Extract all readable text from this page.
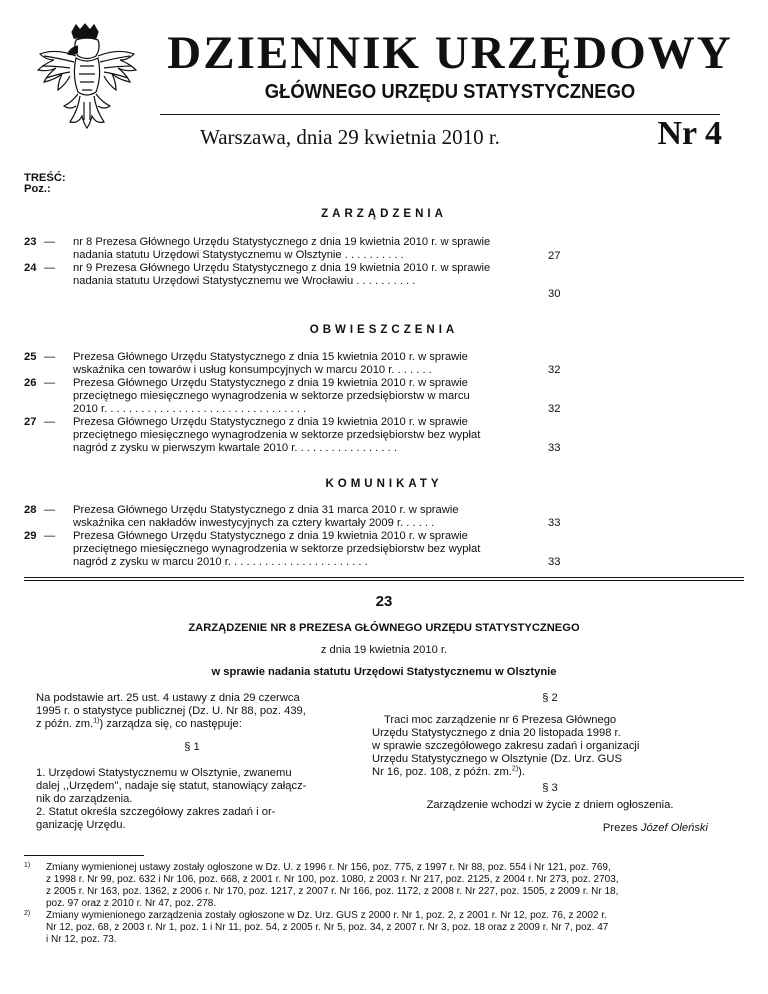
DZIENNIK URZĘDOWY
GŁÓWNEGO URZĘDU STATYSTYCZNEGO
Warszawa, dnia 29 kwietnia 2010 r.	Nr 4
TREŚĆ:
Poz.:
ZARZĄDZENIA
23 — nr 8 Prezesa Głównego Urzędu Statystycznego z dnia 19 kwietnia 2010 r. w sprawie
nadania statutu Urzędowi Statystycznemu w Olsztynie . . . . . . . . . .	27
24 — nr 9 Prezesa Głównego Urzędu Statystycznego z dnia 19 kwietnia 2010 r. w sprawie
nadania statutu Urzędowi Statystycznemu we Wrocławiu . . . . . . . . . .
30
OBWIESZCZENIA
25 — Prezesa Głównego Urzędu Statystycznego z dnia 15 kwietnia 2010 r. w sprawie
wskaźnika cen towarów i usług konsumpcyjnych w marcu 2010 r. . . . . . .	32
26 — Prezesa Głównego Urzędu Statystycznego z dnia 19 kwietnia 2010 r. w sprawie
przeciętnego miesięcznego wynagrodzenia w sektorze przedsiębiorstw w marcu
2010 r. . . . . . . . . . . . . . . . . . . . . . . . . . . . . . . . .	32
27 — Prezesa Głównego Urzędu Statystycznego z dnia 19 kwietnia 2010 r. w sprawie
przeciętnego miesięcznego wynagrodzenia w sektorze przedsiębiorstw bez wypłat
nagród z zysku w pierwszym kwartale 2010 r. . . . . . . . . . . . . . . . .	33
KOMUNIKATY
28 — Prezesa Głównego Urzędu Statystycznego z dnia 31 marca 2010 r. w sprawie
wskaźnika cen nakładów inwestycyjnych za cztery kwartały 2009 r. . . . . .	33
29 — Prezesa Głównego Urzędu Statystycznego z dnia 19 kwietnia 2010 r. w sprawie
przeciętnego miesięcznego wynagrodzenia w sektorze przedsiębiorstw bez wypłat
nagród z zysku w marcu 2010 r. . . . . . . . . . . . . . . . . . . . . . .	33
23
ZARZĄDZENIE NR 8 PREZESA GŁÓWNEGO URZĘDU STATYSTYCZNEGO
z dnia 19 kwietnia 2010 r.
w sprawie nadania statutu Urzędowi Statystycznemu w Olsztynie
Na podstawie art. 25 ust. 4 ustawy z dnia 29 czerwca
1995 r. o statystyce publicznej (Dz. U. Nr 88, poz. 439,
z późn. zm.$^{1)}$) zarządza się, co następuje:
§ 1
1. Urzędowi Statystycznemu w Olsztynie, zwanemu
dalej ,,Urzędem'', nadaje się statut, stanowiący załącz-
nik do zarządzenia.
2. Statut określa szczegółowy zakres zadań i or-
ganizację Urzędu.
§ 2
Traci moc zarządzenie nr 6 Prezesa Głównego
Urzędu Statystycznego z dnia 20 listopada 1998 r.
w sprawie szczegółowego zakresu zadań i organizacji
Urzędu Statystycznego w Olsztynie (Dz. Urz. GUS
Nr 16, poz. 108, z późn. zm.$^{2)}$).
§ 3
Zarządzenie wchodzi w życie z dniem ogłoszenia.
Prezes Józef Oleński
1) Zmiany wymienionej ustawy zostały ogłoszone w Dz. U. z 1996 r. Nr 156, poz. 775, z 1997 r. Nr 88, poz. 554 i Nr 121, poz. 769,
z 1998 r. Nr 99, poz. 632 i Nr 106, poz. 668, z 2001 r. Nr 100, poz. 1080, z 2003 r. Nr 217, poz. 2125, z 2004 r. Nr 273, poz. 2703,
z 2005 r. Nr 163, poz. 1362, z 2006 r. Nr 170, poz. 1217, z 2007 r. Nr 166, poz. 1172, z 2008 r. Nr 227, poz. 1505, z 2009 r. Nr 18,
poz. 97 oraz z 2010 r. Nr 47, poz. 278.
2) Zmiany wymienionego zarządzenia zostały ogłoszone w Dz. Urz. GUS z 2000 r. Nr 1, poz. 2, z 2001 r. Nr 12, poz. 76, z 2002 r.
Nr 12, poz. 68, z 2003 r. Nr 1, poz. 1 i Nr 11, poz. 54, z 2005 r. Nr 5, poz. 34, z 2007 r. Nr 3, poz. 18 oraz z 2009 r. Nr 7, poz. 47
i Nr 12, poz. 73.
